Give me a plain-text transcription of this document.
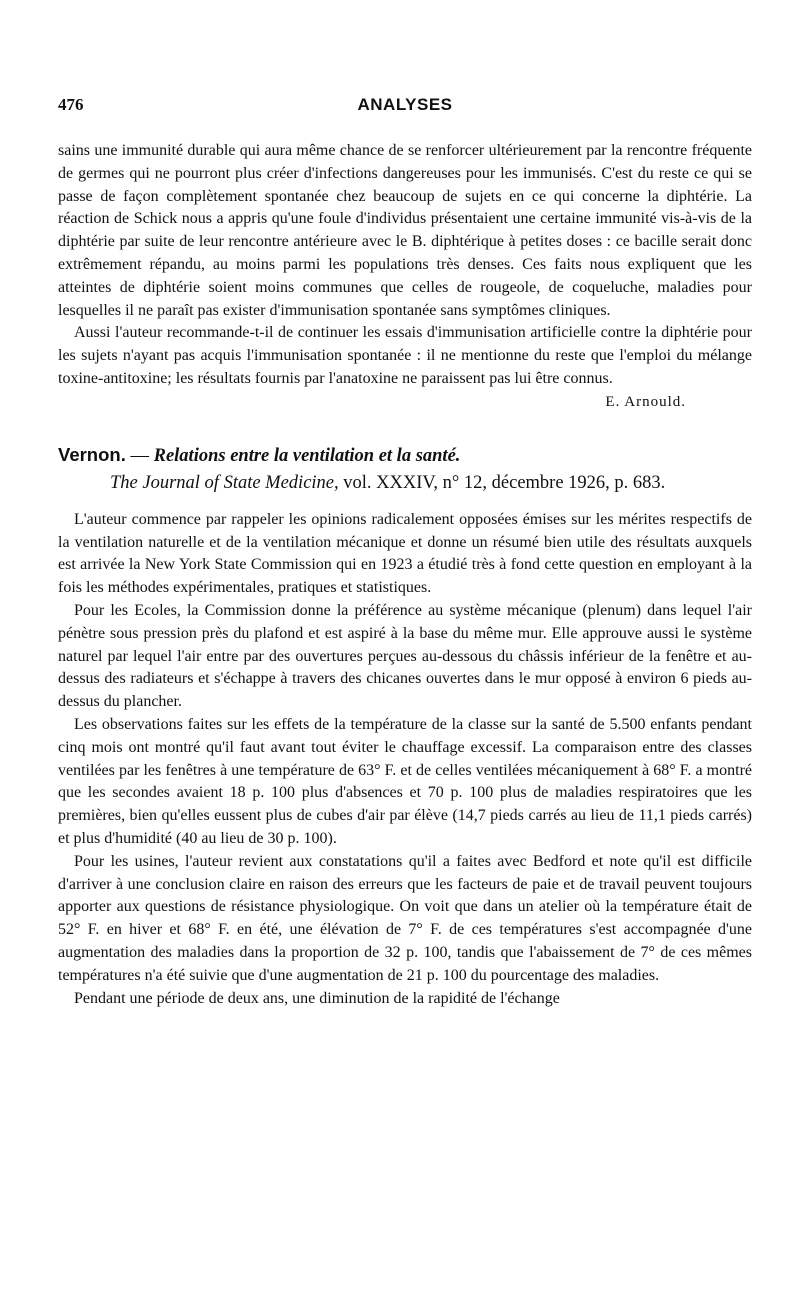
476	ANALYSES

sains une immunité durable qui aura même chance de se renforcer ultérieurement par la rencontre fréquente de germes qui ne pourront plus créer d'infections dangereuses pour les immunisés. C'est du reste ce qui se passe de façon complètement spontanée chez beaucoup de sujets en ce qui concerne la diphtérie. La réaction de Schick nous a appris qu'une foule d'individus présentaient une certaine immunité vis-à-vis de la diphtérie par suite de leur rencontre antérieure avec le B. diphtérique à petites doses : ce bacille serait donc extrêmement répandu, au moins parmi les populations très denses. Ces faits nous expliquent que les atteintes de diphtérie soient moins communes que celles de rougeole, de coqueluche, maladies pour lesquelles il ne paraît pas exister d'immunisation spontanée sans symptômes cliniques.

Aussi l'auteur recommande-t-il de continuer les essais d'immunisation artificielle contre la diphtérie pour les sujets n'ayant pas acquis l'immunisation spontanée : il ne mentionne du reste que l'emploi du mélange toxine-antitoxine; les résultats fournis par l'anatoxine ne paraissent pas lui être connus.

E. Arnould.

Vernon. — Relations entre la ventilation et la santé.
The Journal of State Medicine, vol. XXXIV, n° 12, décembre 1926, p. 683.

L'auteur commence par rappeler les opinions radicalement opposées émises sur les mérites respectifs de la ventilation naturelle et de la ventilation mécanique et donne un résumé bien utile des résultats auxquels est arrivée la New York State Commission qui en 1923 a étudié très à fond cette question en employant à la fois les méthodes expérimentales, pratiques et statistiques.

Pour les Ecoles, la Commission donne la préférence au système mécanique (plenum) dans lequel l'air pénètre sous pression près du plafond et est aspiré à la base du même mur. Elle approuve aussi le système naturel par lequel l'air entre par des ouvertures perçues au-dessous du châssis inférieur de la fenêtre et au-dessus des radiateurs et s'échappe à travers des chicanes ouvertes dans le mur opposé à environ 6 pieds au-dessus du plancher.

Les observations faites sur les effets de la température de la classe sur la santé de 5.500 enfants pendant cinq mois ont montré qu'il faut avant tout éviter le chauffage excessif. La comparaison entre des classes ventilées par les fenêtres à une température de 63° F. et de celles ventilées mécaniquement à 68° F. a montré que les secondes avaient 18 p. 100 plus d'absences et 70 p. 100 plus de maladies respiratoires que les premières, bien qu'elles eussent plus de cubes d'air par élève (14,7 pieds carrés au lieu de 11,1 pieds carrés) et plus d'humidité (40 au lieu de 30 p. 100).

Pour les usines, l'auteur revient aux constatations qu'il a faites avec Bedford et note qu'il est difficile d'arriver à une conclusion claire en raison des erreurs que les facteurs de paie et de travail peuvent toujours apporter aux questions de résistance physiologique. On voit que dans un atelier où la température était de 52° F. en hiver et 68° F. en été, une élévation de 7° F. de ces températures s'est accompagnée d'une augmentation des maladies dans la proportion de 32 p. 100, tandis que l'abaissement de 7° de ces mêmes températures n'a été suivie que d'une augmentation de 21 p. 100 du pourcentage des maladies.

Pendant une période de deux ans, une diminution de la rapidité de l'échange
